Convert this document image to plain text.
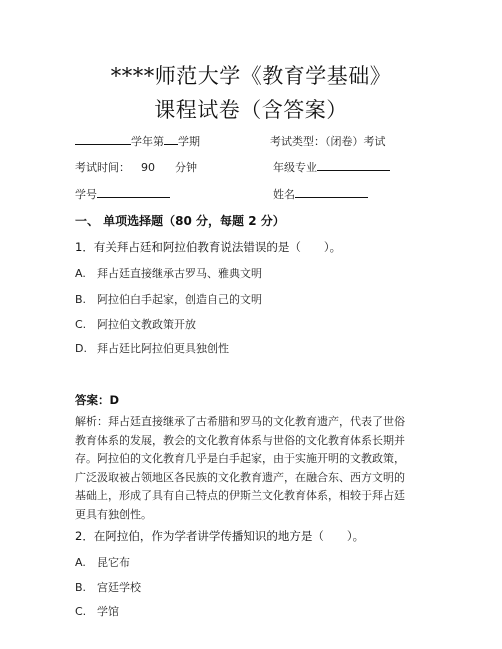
****师范大学《教育学基础》
课程试卷（含答案）
学年第 学期	考试类型：（闭卷）考试
考试时间： 90 分钟	年级专业
学号	姓名
一、 单项选择题（80 分，每题 2 分）
1．有关拜占廷和阿拉伯教育说法错误的是（　　）。
A. 拜占廷直接继承古罗马、雅典文明
B. 阿拉伯白手起家，创造自己的文明
C. 阿拉伯文教政策开放
D. 拜占廷比阿拉伯更具独创性
答案：D
解析：拜占廷直接继承了古希腊和罗马的文化教育遗产，代表了世俗
教育体系的发展，教会的文化教育体系与世俗的文化教育体系长期并
存。阿拉伯的文化教育几乎是白手起家，由于实施开明的文教政策，
广泛汲取被占领地区各民族的文化教育遗产，在融合东、西方文明的
基础上，形成了具有自己特点的伊斯兰文化教育体系，相较于拜占廷
更具有独创性。
2．在阿拉伯，作为学者讲学传播知识的地方是（　　）。
A. 昆它布
B. 宫廷学校
C. 学馆
